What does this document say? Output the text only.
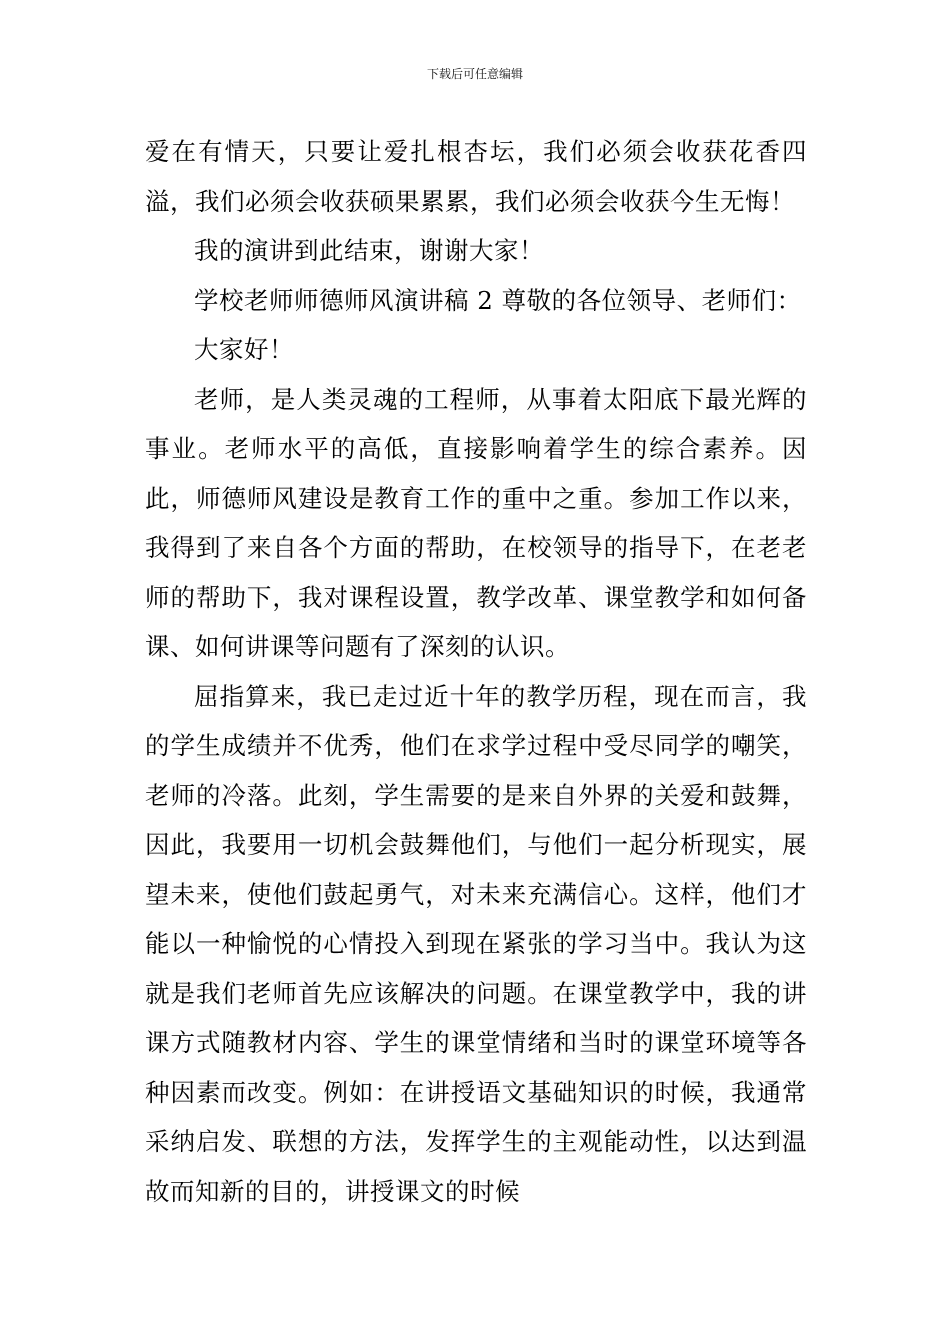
下载后可任意编辑

爱在有情天，只要让爱扎根杏坛，我们必须会收获花香四溢，我们必须会收获硕果累累，我们必须会收获今生无悔！

我的演讲到此结束，谢谢大家！

学校老师师德师风演讲稿 2 尊敬的各位领导、老师们：

大家好！

老师，是人类灵魂的工程师，从事着太阳底下最光辉的事业。老师水平的高低，直接影响着学生的综合素养。因此，师德师风建设是教育工作的重中之重。参加工作以来，我得到了来自各个方面的帮助，在校领导的指导下，在老老师的帮助下，我对课程设置，教学改革、课堂教学和如何备课、如何讲课等问题有了深刻的认识。

屈指算来，我已走过近十年的教学历程，现在而言，我的学生成绩并不优秀，他们在求学过程中受尽同学的嘲笑，老师的冷落。此刻，学生需要的是来自外界的关爱和鼓舞，因此，我要用一切机会鼓舞他们，与他们一起分析现实，展望未来，使他们鼓起勇气，对未来充满信心。这样，他们才能以一种愉悦的心情投入到现在紧张的学习当中。我认为这就是我们老师首先应该解决的问题。在课堂教学中，我的讲课方式随教材内容、学生的课堂情绪和当时的课堂环境等各种因素而改变。例如：在讲授语文基础知识的时候，我通常采纳启发、联想的方法，发挥学生的主观能动性，以达到温故而知新的目的，讲授课文的时候
